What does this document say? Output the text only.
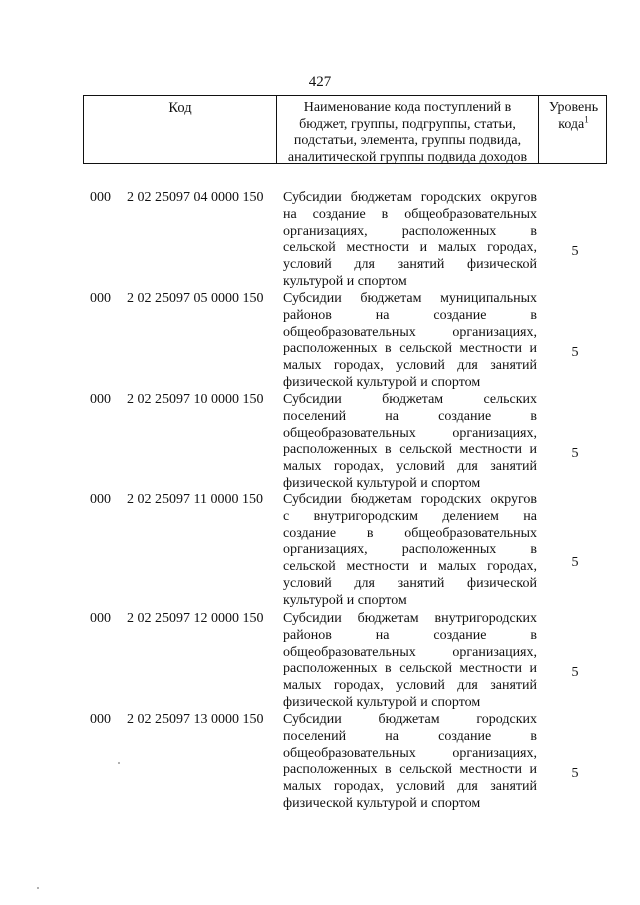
427
Код	Наименование кода поступлений в
бюджет, группы, подгруппы, статьи,
подстатьи, элемента, группы подвида,
аналитической группы подвида доходов
Уровень
кода$^1$
000 2 02 25097 04 0000 150 Субсидии бюджетам городских округов
на создание в общеобразовательных
организациях, расположенных в
сельской местности и малых городах,
условий для занятий физической
культурой и спортом
5
000 2 02 25097 05 0000 150 Субсидии бюджетам муниципальных
районов на создание в
общеобразовательных организациях,
расположенных в сельской местности и
малых городах, условий для занятий
физической культурой и спортом
5
000 2 02 25097 10 0000 150 Субсидии бюджетам сельских
поселений на создание в
общеобразовательных организациях,
расположенных в сельской местности и
малых городах, условий для занятий
физической культурой и спортом
5
000 2 02 25097 11 0000 150 Субсидии бюджетам городских округов
с внутригородским делением на
создание в общеобразовательных
организациях, расположенных в
сельской местности и малых городах,
условий для занятий физической
культурой и спортом
5
000 2 02 25097 12 0000 150 Субсидии бюджетам внутригородских
районов на создание в
общеобразовательных организациях,
расположенных в сельской местности и
малых городах, условий для занятий
физической культурой и спортом
5
000 2 02 25097 13 0000 150 Субсидии бюджетам городских
поселений на создание в
общеобразовательных организациях,
расположенных в сельской местности и
малых городах, условий для занятий
физической культурой и спортом
5
